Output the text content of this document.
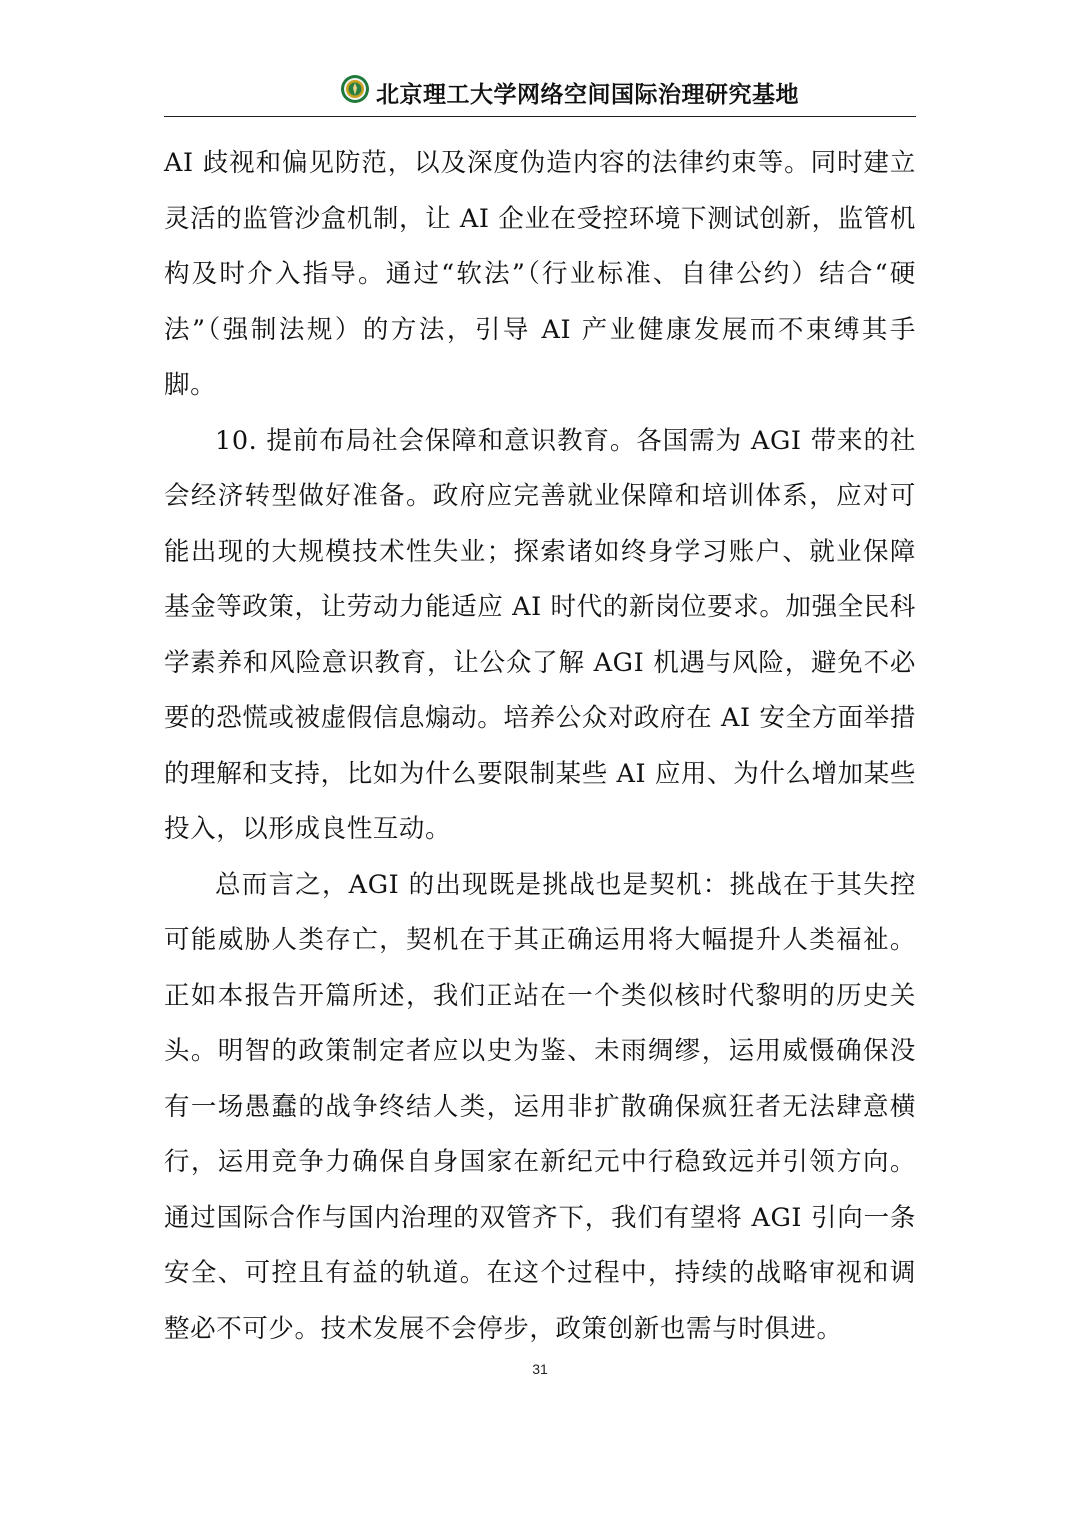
北京理工大学网络空间国际治理研究基地

AI 歧视和偏见防范，以及深度伪造内容的法律约束等。同时建立灵活的监管沙盒机制，让 AI 企业在受控环境下测试创新，监管机构及时介入指导。通过“软法”（行业标准、自律公约）结合“硬法”（强制法规）的方法，引导 AI 产业健康发展而不束缚其手脚。

10. 提前布局社会保障和意识教育。各国需为 AGI 带来的社会经济转型做好准备。政府应完善就业保障和培训体系，应对可能出现的大规模技术性失业；探索诸如终身学习账户、就业保障基金等政策，让劳动力能适应 AI 时代的新岗位要求。加强全民科学素养和风险意识教育，让公众了解 AGI 机遇与风险，避免不必要的恐慌或被虚假信息煽动。培养公众对政府在 AI 安全方面举措的理解和支持，比如为什么要限制某些 AI 应用、为什么增加某些投入，以形成良性互动。

总而言之，AGI 的出现既是挑战也是契机：挑战在于其失控可能威胁人类存亡，契机在于其正确运用将大幅提升人类福祉。正如本报告开篇所述，我们正站在一个类似核时代黎明的历史关头。明智的政策制定者应以史为鉴、未雨绸缪，运用威慑确保没有一场愚蠢的战争终结人类，运用非扩散确保疯狂者无法肆意横行，运用竞争力确保自身国家在新纪元中行稳致远并引领方向。通过国际合作与国内治理的双管齐下，我们有望将 AGI 引向一条安全、可控且有益的轨道。在这个过程中，持续的战略审视和调整必不可少。技术发展不会停步，政策创新也需与时俱进。

31
